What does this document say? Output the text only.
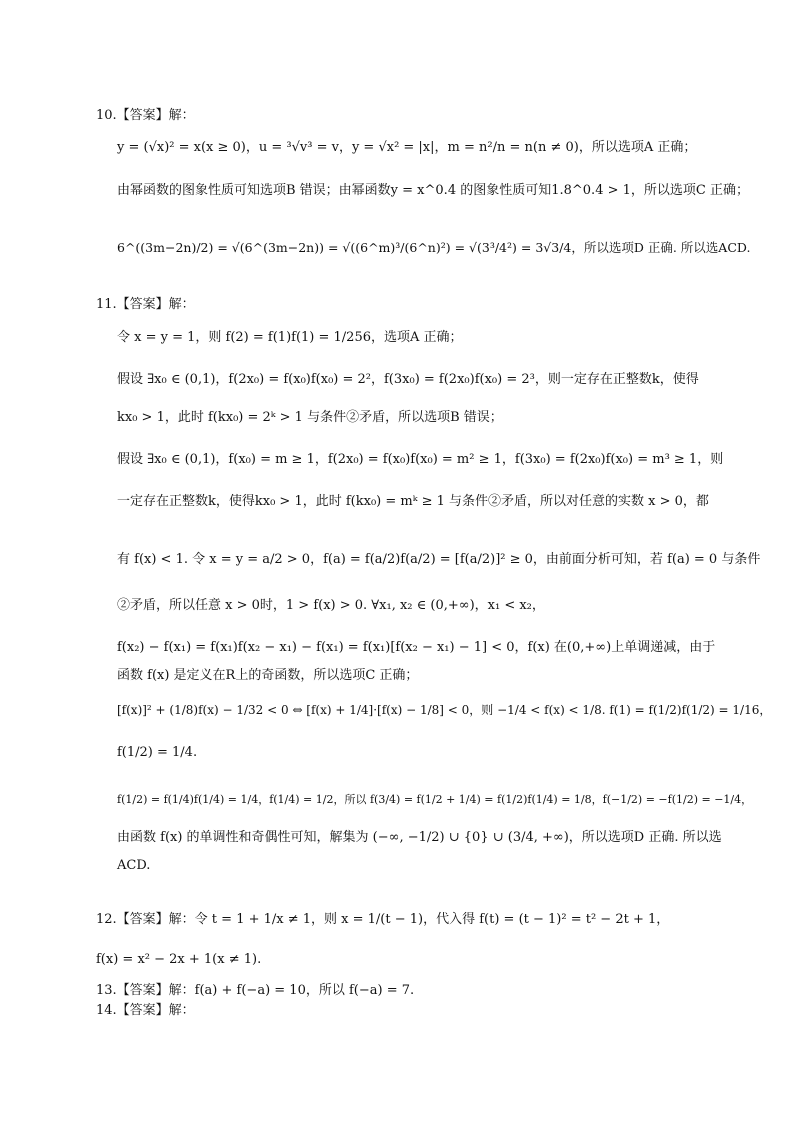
10.【答案】解：
y = (√x)² = x(x ≥ 0)，u = ³√v³ = v，y = √x² = |x|，m = n²/n = n(n ≠ 0)，所以选项A 正确；
由幂函数的图象性质可知选项B 错误；由幂函数y = x^0.4 的图象性质可知1.8^0.4 > 1，所以选项C 正确；
6^((3m−2n)/2) = √(6^(3m−2n)) = √((6^m)³/(6^n)²) = √(3³/4²) = 3√3/4，所以选项D 正确. 所以选ACD.
11.【答案】解：
令 x = y = 1，则 f(2) = f(1)f(1) = 1/256，选项A 正确；
假设 ∃x₀ ∈ (0,1)，f(2x₀) = f(x₀)f(x₀) = 2²，f(3x₀) = f(2x₀)f(x₀) = 2³，则一定存在正整数k，使得
kx₀ > 1，此时 f(kx₀) = 2ᵏ > 1 与条件②矛盾，所以选项B 错误；
假设 ∃x₀ ∈ (0,1)，f(x₀) = m ≥ 1，f(2x₀) = f(x₀)f(x₀) = m² ≥ 1，f(3x₀) = f(2x₀)f(x₀) = m³ ≥ 1，则
一定存在正整数k，使得kx₀ > 1，此时 f(kx₀) = mᵏ ≥ 1 与条件②矛盾，所以对任意的实数 x > 0，都
有 f(x) < 1. 令 x = y = a/2 > 0，f(a) = f(a/2)f(a/2) = [f(a/2)]² ≥ 0，由前面分析可知，若 f(a) = 0 与条件
②矛盾，所以任意 x > 0时，1 > f(x) > 0. ∀x₁, x₂ ∈ (0,+∞)，x₁ < x₂，
f(x₂) − f(x₁) = f(x₁)f(x₂ − x₁) − f(x₁) = f(x₁)[f(x₂ − x₁) − 1] < 0，f(x) 在(0,+∞)上单调递减，由于
函数 f(x) 是定义在R上的奇函数，所以选项C 正确；
[f(x)]² + (1/8)f(x) − 1/32 < 0 ⇔ [f(x) + 1/4]·[f(x) − 1/8] < 0，则 −1/4 < f(x) < 1/8. f(1) = f(1/2)f(1/2) = 1/16，
f(1/2) = 1/4.
f(1/2) = f(1/4)f(1/4) = 1/4，f(1/4) = 1/2，所以 f(3/4) = f(1/2 + 1/4) = f(1/2)f(1/4) = 1/8，f(−1/2) = −f(1/2) = −1/4，
由函数 f(x) 的单调性和奇偶性可知，解集为 (−∞, −1/2) ∪ {0} ∪ (3/4, +∞)，所以选项D 正确. 所以选
ACD.
12.【答案】解：令 t = 1 + 1/x ≠ 1，则 x = 1/(t − 1)，代入得 f(t) = (t − 1)² = t² − 2t + 1，
f(x) = x² − 2x + 1(x ≠ 1).
13.【答案】解：f(a) + f(−a) = 10，所以 f(−a) = 7.
14.【答案】解：
